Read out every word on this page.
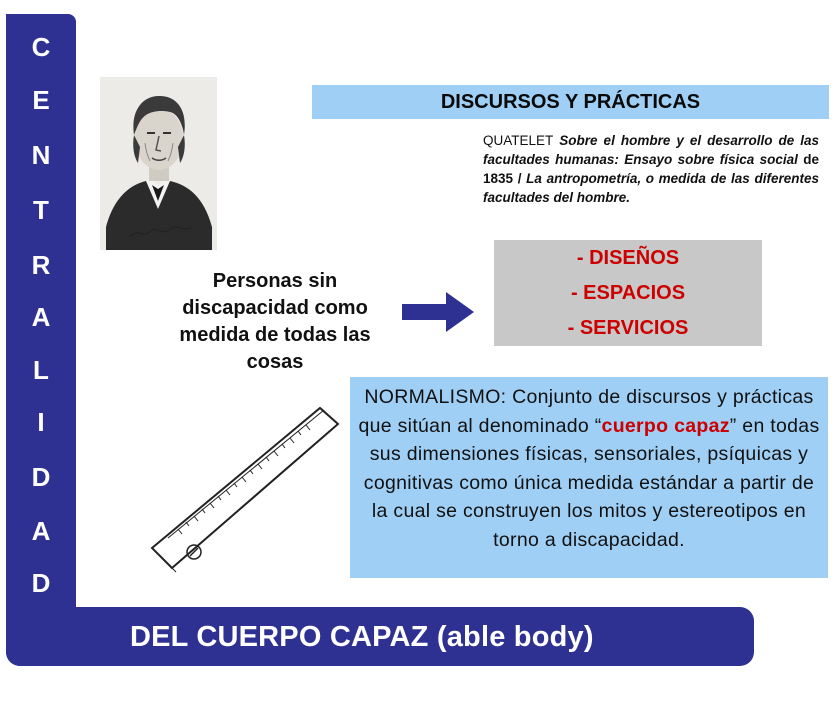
C
E
N
T
R
A
L
I
D
A
D
DEL CUERPO CAPAZ (able body)
DISCURSOS Y PRÁCTICAS
QUATELET Sobre el hombre y el desarrollo de las facultades humanas: Ensayo sobre física social de 1835 / La antropometría, o medida de las diferentes facultades del hombre.
- DISEÑOS
- ESPACIOS
- SERVICIOS
Personas sin discapacidad como medida de todas las cosas
NORMALISMO: Conjunto de discursos y prácticas que sitúan al denominado “cuerpo capaz” en todas sus dimensiones físicas, sensoriales, psíquicas y cognitivas como única medida estándar a partir de la cual se construyen los mitos y estereotipos en torno a discapacidad.
